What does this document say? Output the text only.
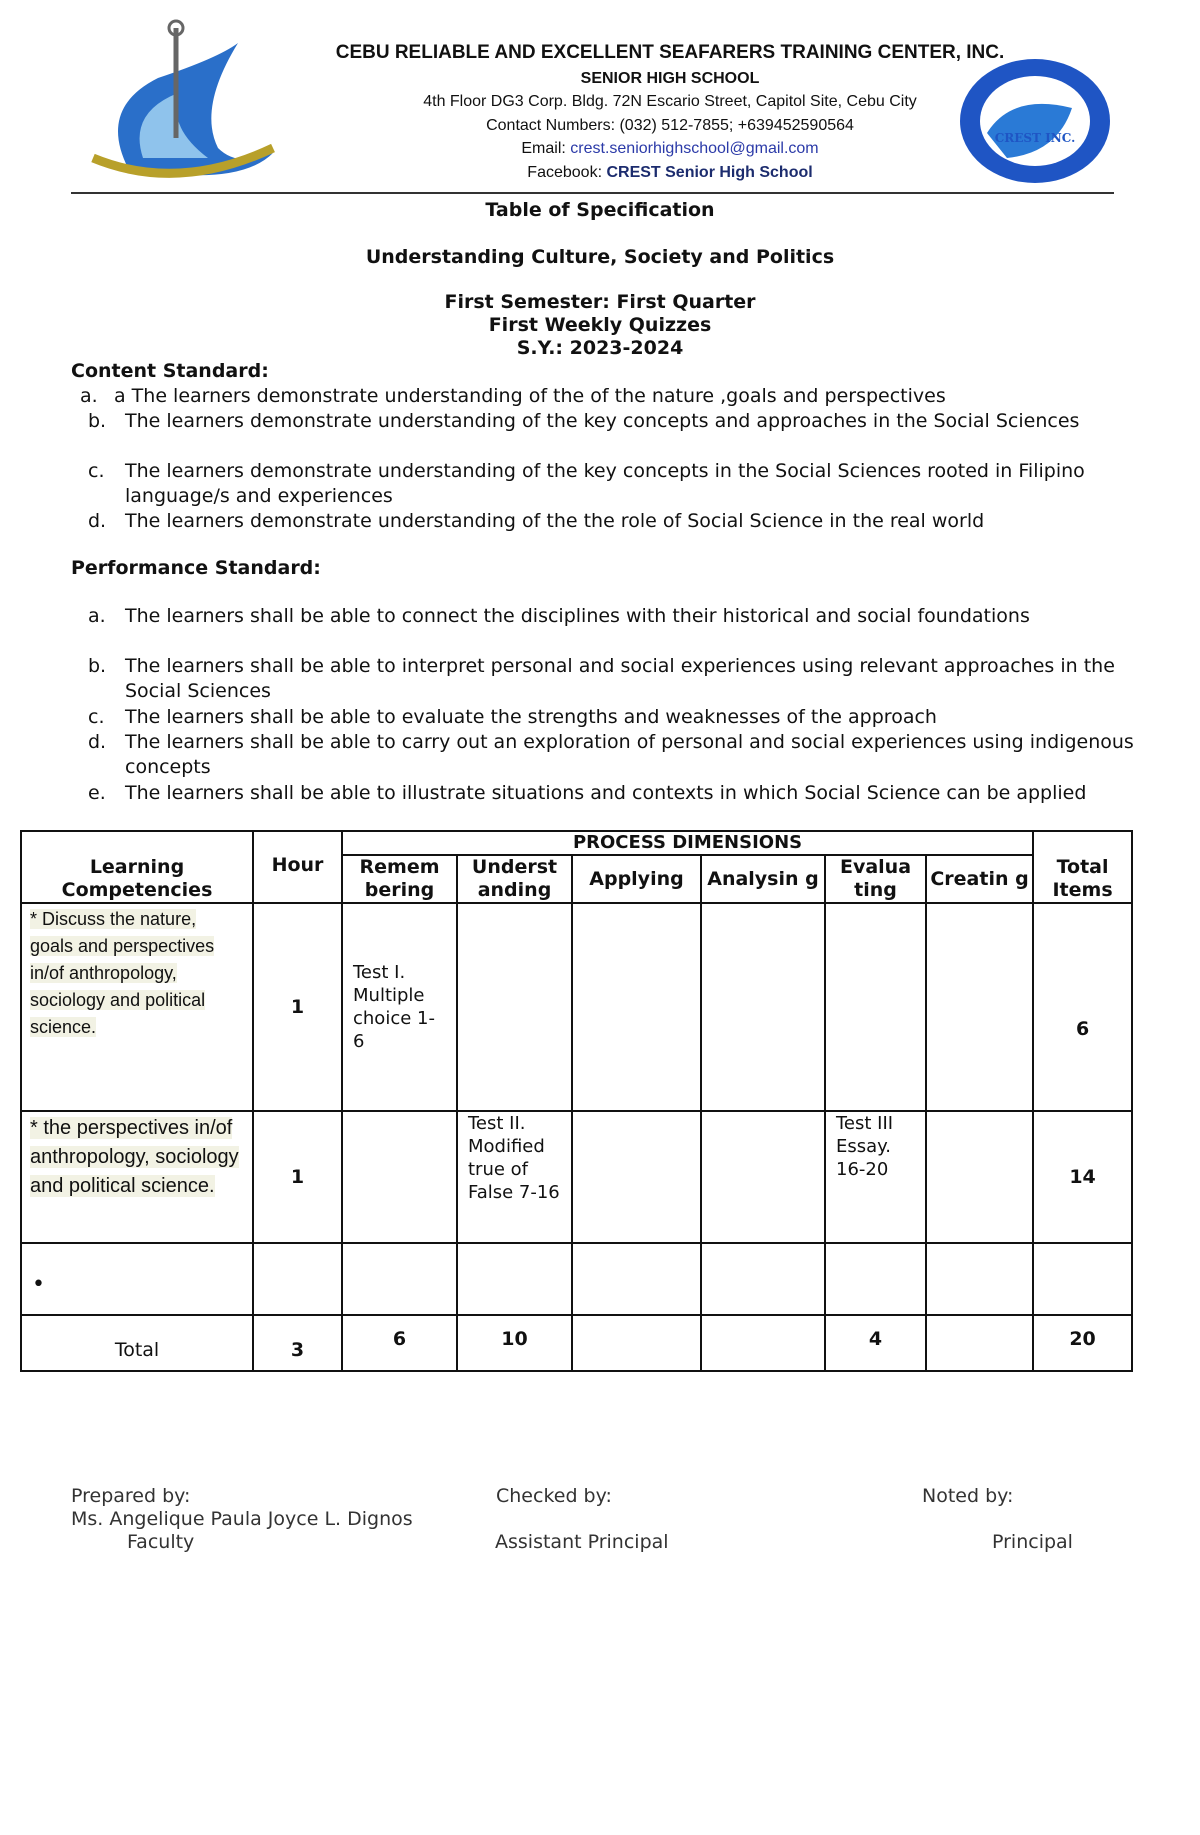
CEBU RELIABLE AND EXCELLENT SEAFARERS TRAINING CENTER, INC.
SENIOR HIGH SCHOOL
4th Floor DG3 Corp. Bldg. 72N Escario Street, Capitol Site, Cebu City
Contact Numbers: (032) 512-7855; +639452590564
Email: crest.seniorhighschool@gmail.com
Facebook: CREST Senior High School
CREST INC.
Table of Specification
Understanding Culture, Society and Politics
First Semester: First Quarter
First Weekly Quizzes
S.Y.: 2023-2024
Content Standard:
a. a The learners demonstrate understanding of the of the nature ,goals and perspectives
b. The learners demonstrate understanding of the key concepts and approaches in the Social Sciences
c. The learners demonstrate understanding of the key concepts in the Social Sciences rooted in Filipino language/s and experiences
d. The learners demonstrate understanding of the the role of Social Science in the real world
Performance Standard:
a. The learners shall be able to connect the disciplines with their historical and social foundations
b. The learners shall be able to interpret personal and social experiences using relevant approaches in the Social Sciences
c. The learners shall be able to evaluate the strengths and weaknesses of the approach
d. The learners shall be able to carry out an exploration of personal and social experiences using indigenous concepts
e. The learners shall be able to illustrate situations and contexts in which Social Science can be applied
Learning Competencies	Hour	PROCESS DIMENSIONS						Total Items
		Remem bering	Underst anding	Applying	Analysin g	Evalua ting	Creatin g	
* Discuss the nature, goals and perspectives in/of anthropology, sociology and political science.	1	Test I. Multiple choice 1-6						6
* the perspectives in/of anthropology, sociology and political science.	1		Test II. Modified true of False 7-16			Test III Essay. 16-20		14
•								
Total	3	6	10			4		20
Prepared by:
Ms. Angelique Paula Joyce L. Dignos
Faculty
Checked by:
Assistant Principal
Noted by:
Principal
